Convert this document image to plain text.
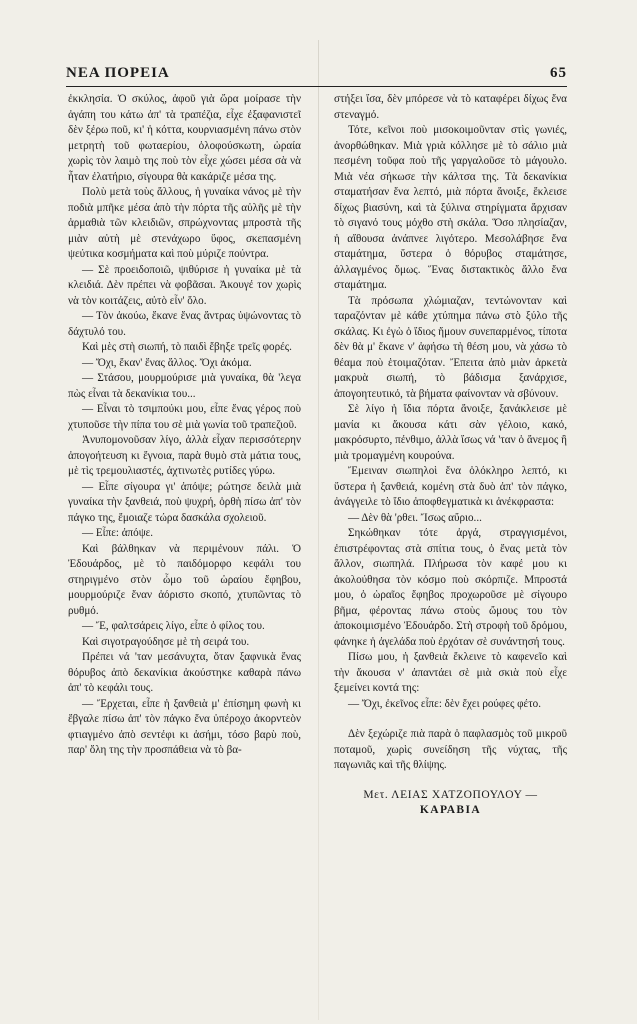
ΝΕΑ ΠΟΡΕΙΑ	65

ἐκκλησία. Ὁ σκύλος, ἀφοῦ γιὰ ὥρα μοίρασε τὴν ἀγάπη του κάτω ἀπ' τὰ τραπέζια, εἶχε ἐξαφανιστεῖ δὲν ξέρω ποῦ, κι' ἡ κόττα, κουρνιασμένη πάνω στὸν μετρητὴ τοῦ φωταερίου, ὁλοφούσκωτη, ὡραία χωρὶς τὸν λαιμὸ της ποὺ τὸν εἶχε χώσει μέσα σὰ νὰ ἦταν ἐλατήριο, σίγουρα θὰ κακάριζε μέσα της.

Πολὺ μετὰ τοὺς ἄλλους, ἡ γυναίκα νάνος μὲ τὴν ποδιὰ μπῆκε μέσα ἀπὸ τὴν πόρτα τῆς αὐλῆς μὲ τὴν ἁρμαθιὰ τῶν κλειδιῶν, σπρώχνοντας μπροστὰ τῆς μιὰν αὐτὴ μὲ στενάχωρο ὕφος, σκεπασμένη ψεύτικα κοσμήματα καὶ ποὺ μύριζε πούντρα.

— Σὲ προειδοποιῶ, ψιθύρισε ἡ γυναίκα μὲ τὰ κλειδιά. Δὲν πρέπει νὰ φοβᾶσαι. Ἀκουγέ τον χωρὶς νὰ τὸν κοιτάζεις, αὐτὸ εἶν' ὅλο.

— Τὸν ἀκούω, ἔκανε ἕνας ἄντρας ὑψώνοντας τὸ δάχτυλό του.

Καὶ μὲς στὴ σιωπή, τὸ παιδὶ ἔβηξε τρεῖς φορές.

— Ὄχι, ἔκαν' ἕνας ἄλλος. Ὄχι ἀκόμα.

— Στάσου, μουρμούρισε μιὰ γυναίκα, θὰ 'λεγα πὼς εἶναι τὰ δεκανίκια του...

— Εἶναι τὸ τσιμπούκι μου, εἶπε ἕνας γέρος ποὺ χτυποῦσε τὴν πίπα του σὲ μιὰ γωνία τοῦ τραπεζιοῦ.

Ἀνυπομονοῦσαν λίγο, ἀλλὰ εἶχαν περισσότερην ἀπογοήτευση κι ἔγνοια, παρὰ θυμὸ στὰ μάτια τους, μὲ τὶς τρεμουλιαστές, ἀχτινωτὲς ρυτίδες γύρω.

— Εἶπε σίγουρα γι' ἀπόψε; ρώτησε δειλὰ μιὰ γυναίκα τὴν ξανθειά, ποὺ ψυχρή, ὀρθὴ πίσω ἀπ' τὸν πάγκο της, ἔμοιαζε τώρα δασκάλα σχολειοῦ.

— Εἶπε: ἀπόψε.

Καὶ βάλθηκαν νὰ περιμένουν πάλι. Ὁ Ἐδουάρδος, μὲ τὸ παιδόμορφο κεφάλι του στηριγμένο στὸν ὦμο τοῦ ὡραίου ἔφηβου, μουρμούριζε ἕναν ἀόριστο σκοπό, χτυπῶντας τὸ ρυθμό.

— Ἔ, φαλτσάρεις λίγο, εἶπε ὁ φίλος του.

Καὶ σιγοτραγούδησε μὲ τὴ σειρά του.

Πρέπει νά 'ταν μεσάνυχτα, ὅταν ξαφνικὰ ἕνας θόρυβος ἀπὸ δεκανίκια ἀκούστηκε καθαρὰ πάνω ἀπ' τὸ κεφάλι τους.

— Ἔρχεται, εἶπε ἡ ξανθειὰ μ' ἐπίσημη φωνὴ κι ἔβγαλε πίσω ἀπ' τὸν πάγκο ἕνα ὑπέροχο ἀκορντεὸν φτιαγμένο ἀπὸ σεντέφι κι ἀσήμι, τόσο βαρὺ ποὺ, παρ' ὅλη της τὴν προσπάθεια νὰ τὸ βα-

στήξει ἴσα, δὲν μπόρεσε νὰ τὸ καταφέρει δίχως ἕνα στεναγμό.

Τότε, κεῖνοι ποὺ μισοκοιμοῦνταν στὶς γωνιές, ἀνορθώθηκαν. Μιὰ γριὰ κόλλησε μὲ τὸ σάλιο μιὰ πεσμένη τοῦφα ποὺ τῆς γαργαλοῦσε τὸ μάγουλο. Μιὰ νέα σήκωσε τὴν κάλτσα της. Τὰ δεκανίκια σταματήσαν ἕνα λεπτό, μιὰ πόρτα ἄνοιξε, ἔκλεισε δίχως βιασύνη, καὶ τὰ ξύλινα στηρίγματα ἄρχισαν τὸ σιγανό τους μόχθο στὴ σκάλα. Ὅσο πλησίαζαν, ἡ αἴθουσα ἀνάπνεε λιγότερο. Μεσολάβησε ἕνα σταμάτημα, ὕστερα ὁ θόρυβος σταμάτησε, ἀλλαγμένος ὅμως. Ἕνας διστακτικὸς ἄλλο ἕνα σταμάτημα.

Τὰ πρόσωπα χλώμιαζαν, τεντώνονταν καὶ ταραζόνταν μὲ κάθε χτύπημα πάνω στὸ ξύλο τῆς σκάλας. Κι ἐγὼ ὁ ἴδιος ἤμουν συνεπαρμένος, τίποτα δὲν θὰ μ' ἔκανε ν' ἀφήσω τὴ θέση μου, νὰ χάσω τὸ θέαμα ποὺ ἑτοιμαζόταν. Ἔπειτα ἀπὸ μιὰν ἀρκετὰ μακρυὰ σιωπή, τὸ βάδισμα ξανάρχισε, ἀπογοητευτικό, τὰ βήματα φαίνονταν νὰ σβύνουν.

Σὲ λίγο ἡ ἴδια πόρτα ἄνοιξε, ξανάκλεισε μὲ μανία κι ἄκουσα κάτι σὰν γέλοιο, κακό, μακρόσυρτο, πένθιμο, ἀλλὰ ἴσως νά 'ταν ὁ ἄνεμος ἢ μιὰ τρομαγμένη κουρούνα.

Ἔμειναν σιωπηλοὶ ἕνα ὁλόκληρο λεπτό, κι ὕστερα ἡ ξανθειά, κομένη στὰ δυὸ ἀπ' τὸν πάγκο, ἀνάγγειλε τὸ ἴδιο ἀποφθεγματικὰ κι ἀνέκφραστα:

— Δὲν θὰ 'ρθει. Ἴσως αὔριο...

Σηκώθηκαν τότε ἀργά, στραγγισμένοι, ἐπιστρέφοντας στὰ σπίτια τους, ὁ ἕνας μετὰ τὸν ἄλλον, σιωπηλά. Πλήρωσα τὸν καφέ μου κι ἀκολούθησα τὸν κόσμο ποὺ σκόρπιζε. Μπροστά μου, ὁ ὡραῖος ἔφηβος προχωροῦσε μὲ σίγουρο βῆμα, φέροντας πάνω στοὺς ὤμους του τὸν ἀποκοιμισμένο Ἐδουάρδο. Στὴ στροφὴ τοῦ δρόμου, φάνηκε ἡ ἀγελάδα ποὺ ἐρχόταν σὲ συνάντησή τους.

Πίσω μου, ἡ ξανθειὰ ἔκλεινε τὸ καφενεῖο καὶ τὴν ἄκουσα ν' ἀπαντάει σὲ μιὰ σκιὰ ποὺ εἶχε ξεμείνει κοντά της:

— Ὄχι, ἐκεῖνος εἶπε: δὲν ἔχει ρούφες φέτο.

Δὲν ξεχώριζε πιὰ παρὰ ὁ παφλασμὸς τοῦ μικροῦ ποταμοῦ, χωρὶς συνείδηση τῆς νύχτας, τῆς παγωνιᾶς καὶ τῆς θλίψης.

Μετ. ΛΕΙΑΣ ΧΑΤΖΟΠΟΥΛΟΥ —
ΚΑΡΑΒΙΑ
